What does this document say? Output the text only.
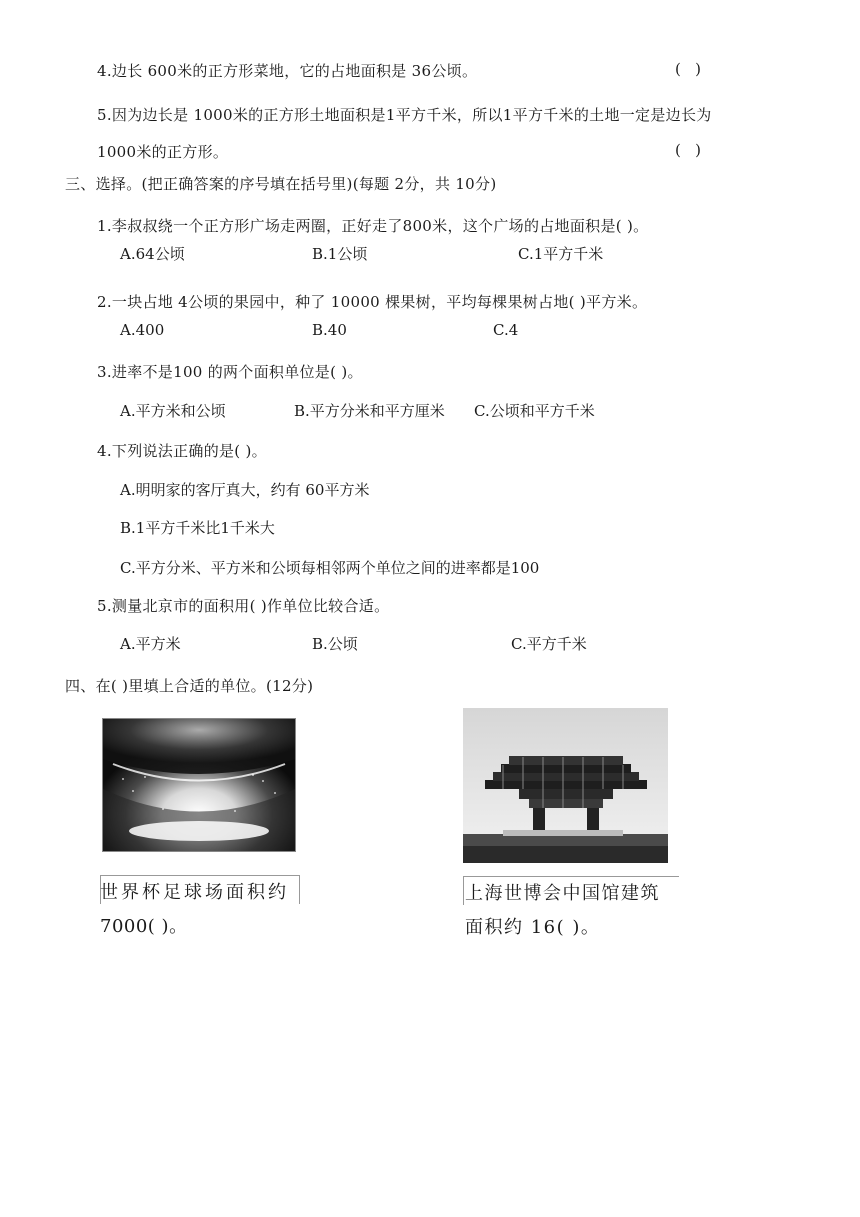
4.边长 600米的正方形菜地，它的占地面积是 36公顷。	(   )
5.因为边长是 1000米的正方形土地面积是1平方千米，所以1平方千米的土地一定是边长为
1000米的正方形。	(   )
三、选择。(把正确答案的序号填在括号里)(每题 2分，共 10分)
1.李叔叔绕一个正方形广场走两圈，正好走了800米，这个广场的占地面积是( )。
A.64公顷	B.1公顷	C.1平方千米
2.一块占地 4公顷的果园中，种了 10000 棵果树，平均每棵果树占地( )平方米。
A.400	B.40	C.4
3.进率不是100 的两个面积单位是( )。
A.平方米和公顷	B.平方分米和平方厘米 C.公顷和平方千米
4.下列说法正确的是( )。
A.明明家的客厅真大，约有 60平方米
B.1平方千米比1千米大
C.平方分米、平方米和公顷每相邻两个单位之间的进率都是100
5.测量北京市的面积用( )作单位比较合适。
A.平方米	B.公顷	C.平方千米
四、在( )里填上合适的单位。(12分)
世界杯足球场面积约
7000( )。
上海世博会中国馆建筑
面积约 16( )。
